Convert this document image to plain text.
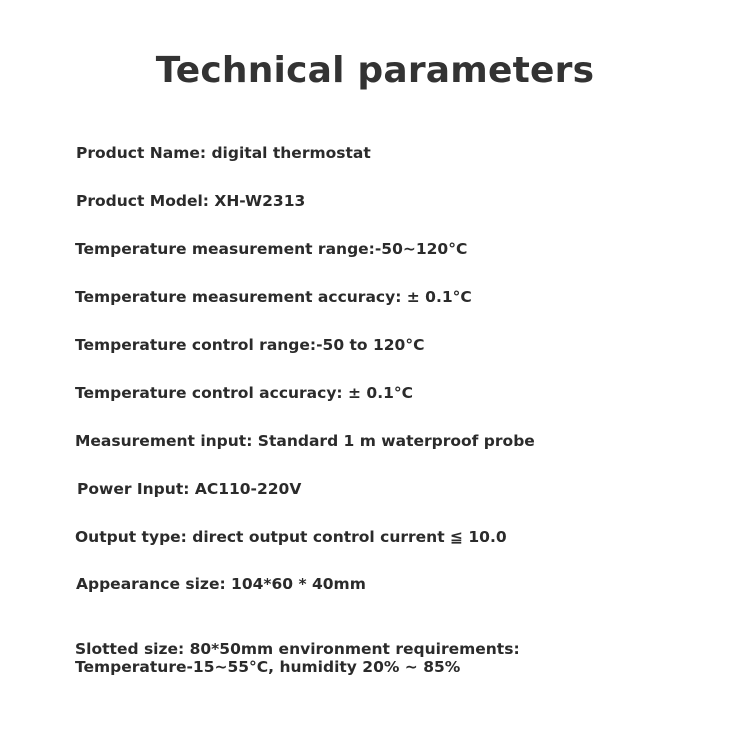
Technical parameters
Product Name: digital thermostat
Product Model: XH-W2313
Temperature measurement range:-50~120°C
Temperature measurement accuracy: ± 0.1°C
Temperature control range:-50 to 120°C
Temperature control accuracy: ± 0.1°C
Measurement input: Standard 1 m waterproof probe
Power Input: AC110-220V
Output type: direct output control current ≦ 10.0
Appearance size: 104*60 * 40mm
Slotted size: 80*50mm environment requirements:
Temperature-15~55°C, humidity 20% ~ 85%
